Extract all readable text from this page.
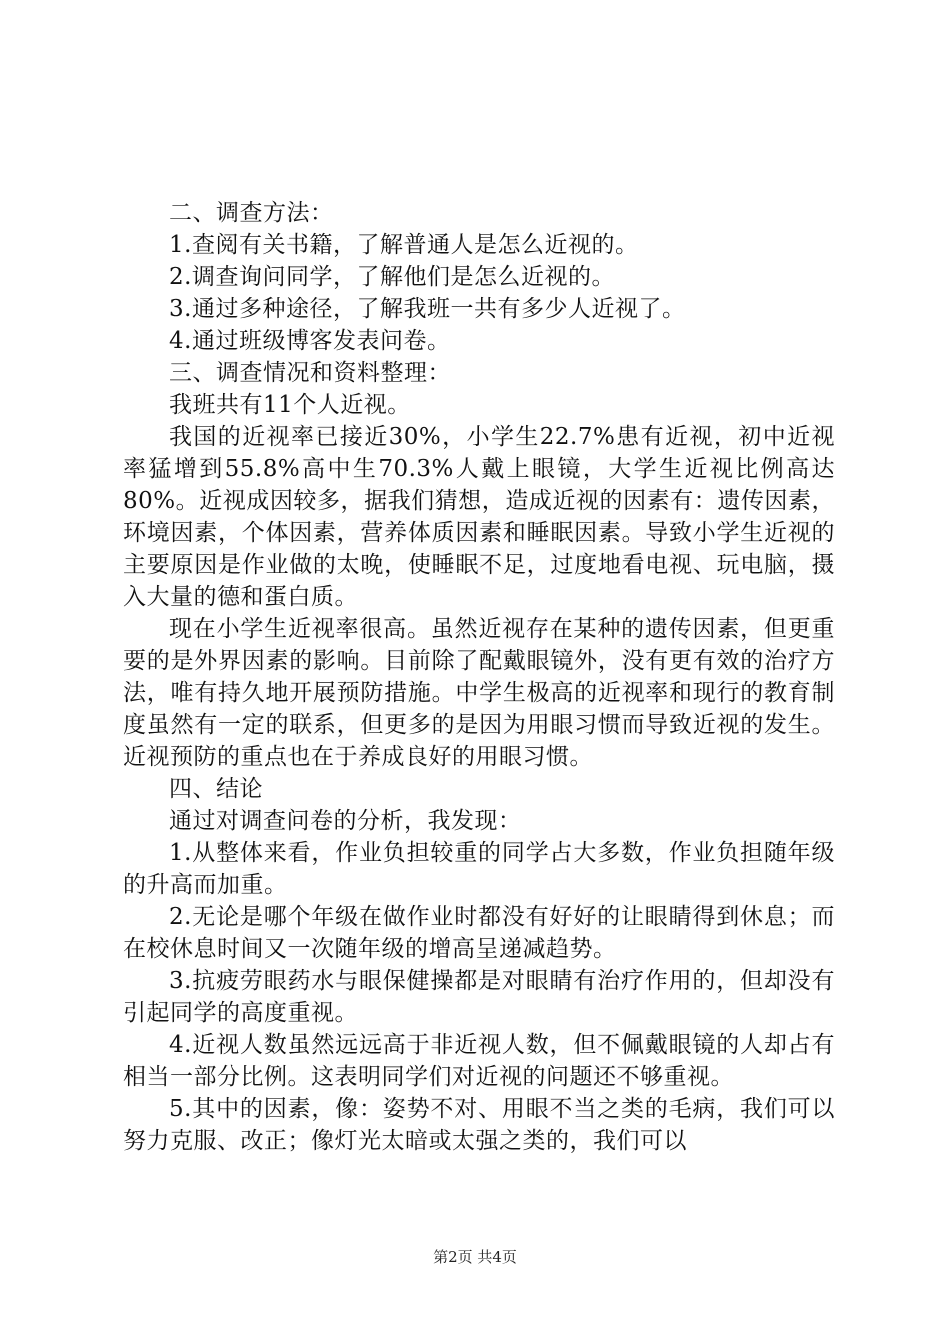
二、调查方法：

1.查阅有关书籍，了解普通人是怎么近视的。

2.调查询问同学，了解他们是怎么近视的。

3.通过多种途径，了解我班一共有多少人近视了。

4.通过班级博客发表问卷。

三、调查情况和资料整理：

我班共有11个人近视。

我国的近视率已接近30%，小学生22.7%患有近视，初中近视率猛增到55.8%高中生70.3%人戴上眼镜，大学生近视比例高达80%。近视成因较多，据我们猜想，造成近视的因素有：遗传因素，环境因素，个体因素，营养体质因素和睡眠因素。导致小学生近视的主要原因是作业做的太晚，使睡眠不足，过度地看电视、玩电脑，摄入大量的德和蛋白质。

现在小学生近视率很高。虽然近视存在某种的遗传因素，但更重要的是外界因素的影响。目前除了配戴眼镜外，没有更有效的治疗方法，唯有持久地开展预防措施。中学生极高的近视率和现行的教育制度虽然有一定的联系，但更多的是因为用眼习惯而导致近视的发生。近视预防的重点也在于养成良好的用眼习惯。

四、结论

通过对调查问卷的分析，我发现：

1.从整体来看，作业负担较重的同学占大多数，作业负担随年级的升高而加重。

2.无论是哪个年级在做作业时都没有好好的让眼睛得到休息；而在校休息时间又一次随年级的增高呈递减趋势。

3.抗疲劳眼药水与眼保健操都是对眼睛有治疗作用的，但却没有引起同学的高度重视。

4.近视人数虽然远远高于非近视人数，但不佩戴眼镜的人却占有相当一部分比例。这表明同学们对近视的问题还不够重视。

5.其中的因素，像：姿势不对、用眼不当之类的毛病，我们可以努力克服、改正；像灯光太暗或太强之类的，我们可以

第2页 共4页
